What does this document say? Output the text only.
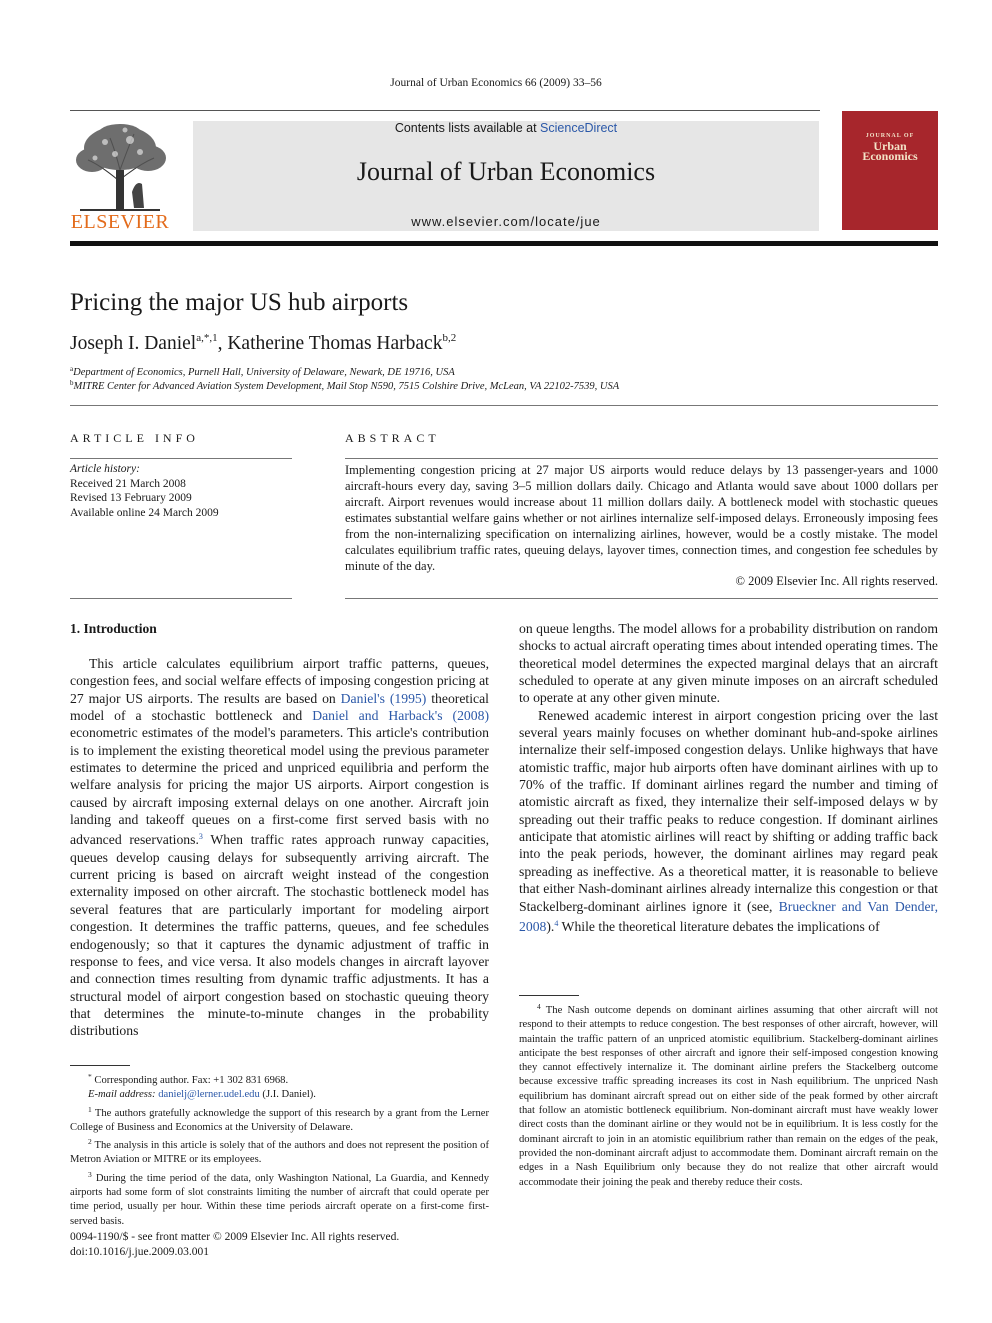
Journal of Urban Economics 66 (2009) 33–56
ELSEVIER
Contents lists available at ScienceDirect
Journal of Urban Economics
www.elsevier.com/locate/jue
JOURNAL OF
Urban
Economics
Pricing the major US hub airports
Joseph I. Daniel$^{a,*,1}$, Katherine Thomas Harback$^{b,2}$
$^a$Department of Economics, Purnell Hall, University of Delaware, Newark, DE 19716, USA
$^b$MITRE Center for Advanced Aviation System Development, Mail Stop N590, 7515 Colshire Drive, McLean, VA 22102-7539, USA
ARTICLE INFO	ABSTRACT
Article history:
Received 21 March 2008
Revised 13 February 2009
Available online 24 March 2009
Implementing congestion pricing at 27 major US airports would reduce delays by 13 passenger-years and 1000 aircraft-hours every day, saving 3–5 million dollars daily. Chicago and Atlanta would save about 1000 dollars per aircraft. Airport revenues would increase about 11 million dollars daily. A bottleneck model with stochastic queues estimates substantial welfare gains whether or not airlines internalize self-imposed delays. Erroneously imposing fees from the non-internalizing specification on internalizing airlines, however, would be a costly mistake. The model calculates equilibrium traffic rates, queuing delays, layover times, connection times, and congestion fee schedules by minute of the day.
© 2009 Elsevier Inc. All rights reserved.
1. Introduction

This article calculates equilibrium airport traffic patterns, queues, congestion fees, and social welfare effects of imposing congestion pricing at 27 major US airports. The results are based on Daniel's (1995) theoretical model of a stochastic bottleneck and Daniel and Harback's (2008) econometric estimates of the model's parameters. This article's contribution is to implement the existing theoretical model using the previous parameter estimates to determine the priced and unpriced equilibria and perform the welfare analysis for pricing the major US airports. Airport congestion is caused by aircraft imposing external delays on one another. Aircraft join landing and takeoff queues on a first-come first served basis with no advanced reservations.$^3$ When traffic rates approach runway capacities, queues develop causing delays for subsequently arriving aircraft. The current pricing is based on aircraft weight instead of the congestion externality imposed on other aircraft. The stochastic bottleneck model has several features that are particularly important for modeling airport congestion. It determines the traffic patterns, queues, and fee schedules endogenously; so that it captures the dynamic adjustment of traffic in response to fees, and vice versa. It also models changes in aircraft layover and connection times resulting from dynamic traffic adjustments. It has a structural model of airport congestion based on stochastic queuing theory that determines the minute-to-minute changes in the probability distributions

on queue lengths. The model allows for a probability distribution on random shocks to actual aircraft operating times about intended operating times. The theoretical model determines the expected marginal delays that an aircraft scheduled to operate at any given minute imposes on an aircraft scheduled to operate at any other given minute.

Renewed academic interest in airport congestion pricing over the last several years mainly focuses on whether dominant hub-and-spoke airlines internalize their self-imposed congestion delays. Unlike highways that have atomistic traffic, major hub airports often have dominant airlines with up to 70% of the traffic. If dominant airlines regard the number and timing of atomistic aircraft as fixed, they internalize their self-imposed delays w by spreading out their traffic peaks to reduce congestion. If dominant airlines anticipate that atomistic airlines will react by shifting or adding traffic back into the peak periods, however, the dominant airlines may regard peak spreading as ineffective. As a theoretical matter, it is reasonable to believe that either Nash-dominant airlines already internalize this congestion or that Stackelberg-dominant airlines ignore it (see, Brueckner and Van Dender, 2008).$^4$ While the theoretical literature debates the implications of

* Corresponding author. Fax: +1 302 831 6968.

E-mail address: danielj@lerner.udel.edu (J.I. Daniel).

$^1$ The authors gratefully acknowledge the support of this research by a grant from the Lerner College of Business and Economics at the University of Delaware.

$^2$ The analysis in this article is solely that of the authors and does not represent the position of Metron Aviation or MITRE or its employees.

$^3$ During the time period of the data, only Washington National, La Guardia, and Kennedy airports had some form of slot constraints limiting the number of aircraft that could operate per time period, usually per hour. Within these time periods aircraft operate on a first-come first-served basis.

$^4$ The Nash outcome depends on dominant airlines assuming that other aircraft will not respond to their attempts to reduce congestion. The best responses of other aircraft, however, will maintain the traffic pattern of an unpriced atomistic equilibrium. Stackelberg-dominant airlines anticipate the best responses of other aircraft and ignore their self-imposed congestion knowing they cannot effectively internalize it. The dominant airline prefers the Stackelberg outcome because excessive traffic spreading increases its cost in Nash equilibrium. The unpriced Nash equilibrium has dominant aircraft spread out on either side of the peak formed by other aircraft that follow an atomistic bottleneck equilibrium. Non-dominant aircraft must have weakly lower direct costs than the dominant airline or they would not be in equilibrium. It is less costly for the dominant aircraft to join in an atomistic equilibrium rather than remain on the edges of the peak, provided the non-dominant aircraft adjust to accommodate them. Dominant aircraft remain on the edges in a Nash Equilibrium only because they do not realize that other aircraft would accommodate their joining the peak and thereby reduce their costs.

0094-1190/$ - see front matter © 2009 Elsevier Inc. All rights reserved.
doi:10.1016/j.jue.2009.03.001
